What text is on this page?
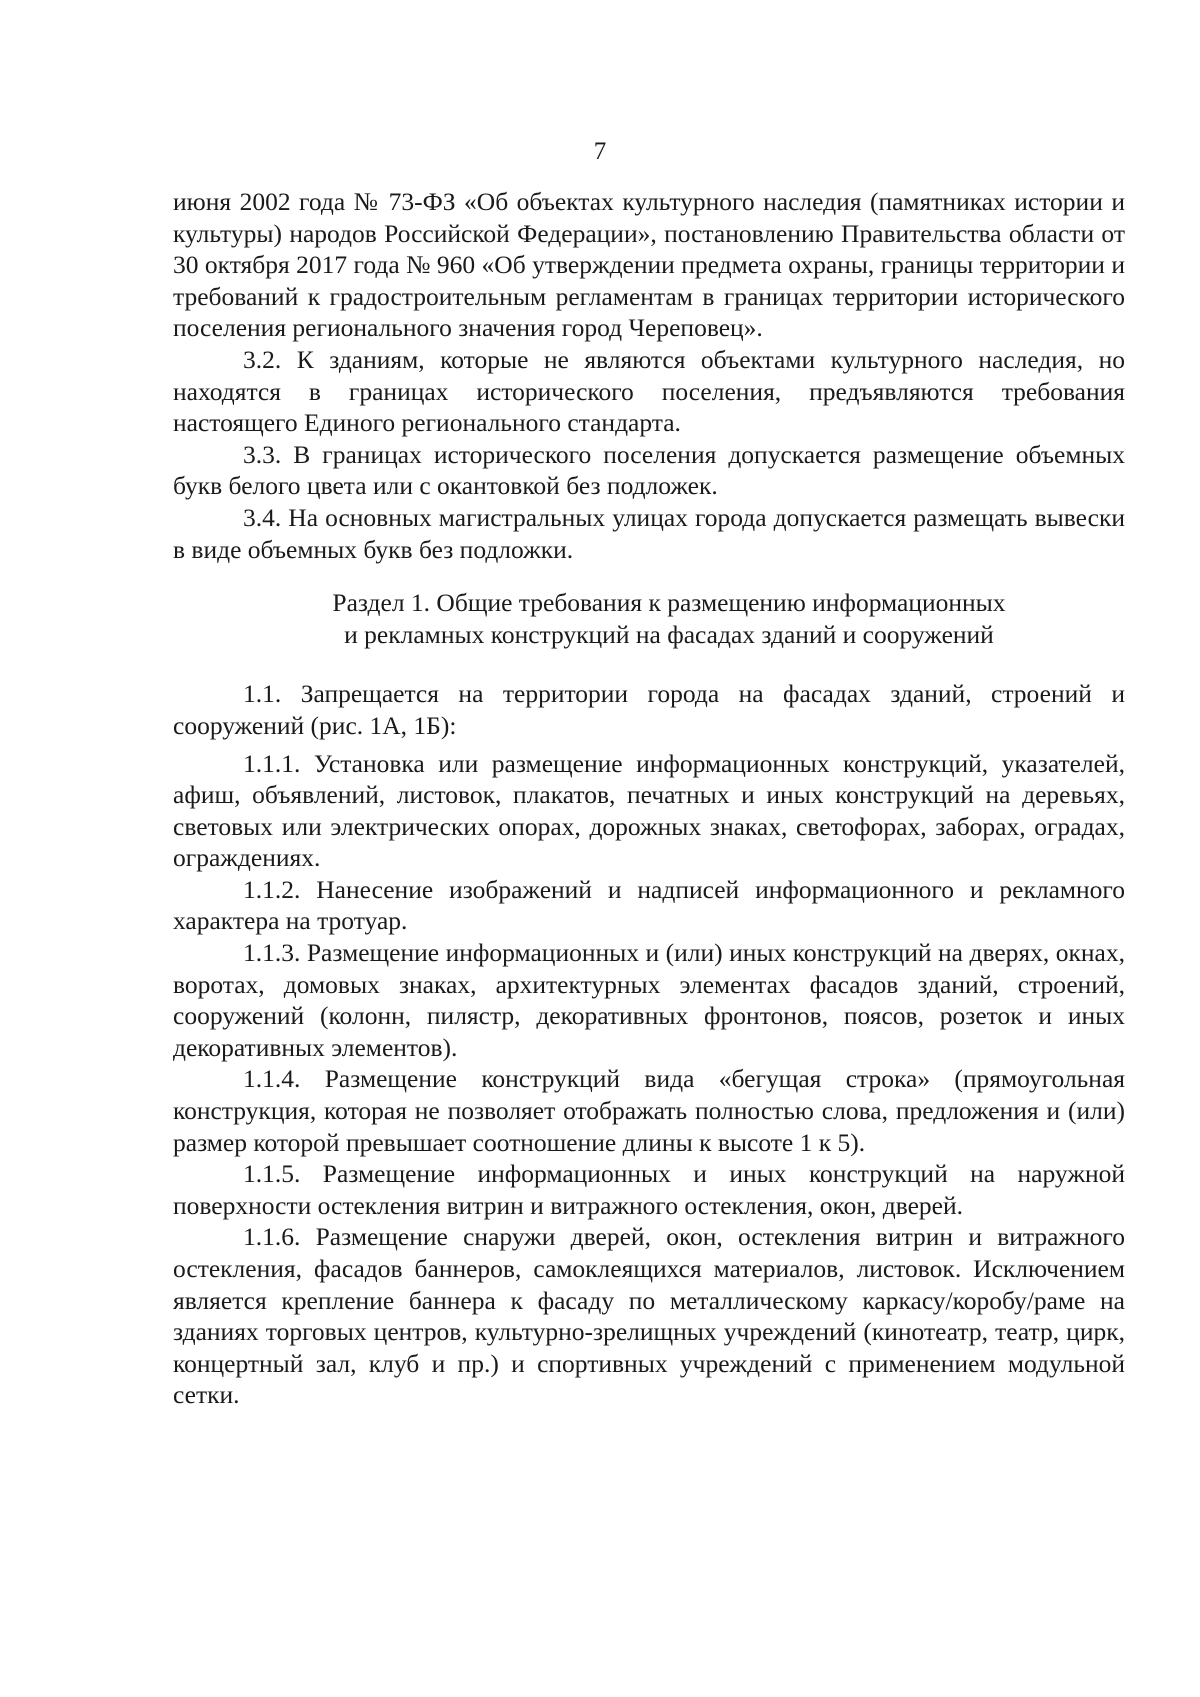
7

июня 2002 года № 73-ФЗ «Об объектах культурного наследия (памятниках истории и культуры) народов Российской Федерации», постановлению Правительства области от 30 октября 2017 года № 960 «Об утверждении предмета охраны, границы территории и требований к градостроительным регламентам в границах территории исторического поселения регионального значения город Череповец».

3.2. К зданиям, которые не являются объектами культурного наследия, но находятся в границах исторического поселения, предъявляются требования настоящего Единого регионального стандарта.

3.3. В границах исторического поселения допускается размещение объемных букв белого цвета или с окантовкой без подложек.

3.4. На основных магистральных улицах города допускается размещать вывески в виде объемных букв без подложки.

Раздел 1. Общие требования к размещению информационных
и рекламных конструкций на фасадах зданий и сооружений

1.1. Запрещается на территории города на фасадах зданий, строений и сооружений (рис. 1А, 1Б):

1.1.1. Установка или размещение информационных конструкций, указателей, афиш, объявлений, листовок, плакатов, печатных и иных конструкций на деревьях, световых или электрических опорах, дорожных знаках, светофорах, заборах, оградах, ограждениях.

1.1.2. Нанесение изображений и надписей информационного и рекламного характера на тротуар.

1.1.3. Размещение информационных и (или) иных конструкций на дверях, окнах, воротах, домовых знаках, архитектурных элементах фасадов зданий, строений, сооружений (колонн, пилястр, декоративных фронтонов, поясов, розеток и иных декоративных элементов).

1.1.4. Размещение конструкций вида «бегущая строка» (прямоугольная конструкция, которая не позволяет отображать полностью слова, предложения и (или) размер которой превышает соотношение длины к высоте 1 к 5).

1.1.5. Размещение информационных и иных конструкций на наружной поверхности остекления витрин и витражного остекления, окон, дверей.

1.1.6. Размещение снаружи дверей, окон, остекления витрин и витражного остекления, фасадов баннеров, самоклеящихся материалов, листовок. Исключением является крепление баннера к фасаду по металлическому каркасу/коробу/раме на зданиях торговых центров, культурно-зрелищных учреждений (кинотеатр, театр, цирк, концертный зал, клуб и пр.) и спортивных учреждений с применением модульной сетки.
